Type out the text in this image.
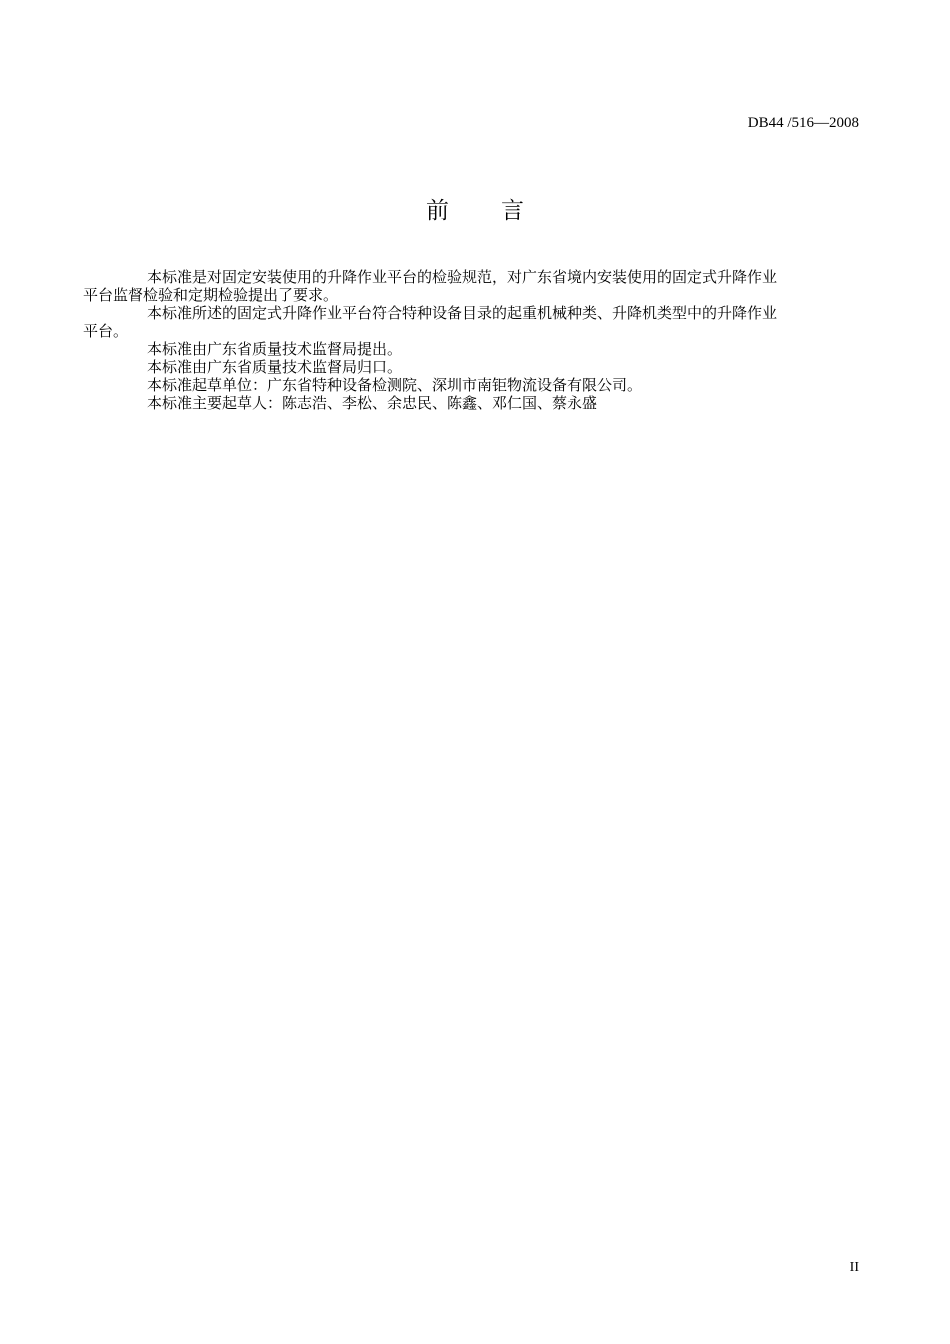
DB44 /516—2008
前 言

本标准是对固定安装使用的升降作业平台的检验规范，对广东省境内安装使用的固定式升降作业
平台监督检验和定期检验提出了要求。

本标准所述的固定式升降作业平台符合特种设备目录的起重机械种类、升降机类型中的升降作业
平台。

本标准由广东省质量技术监督局提出。

本标准由广东省质量技术监督局归口。

本标准起草单位：广东省特种设备检测院、深圳市南钜物流设备有限公司。

本标准主要起草人：陈志浩、李松、余忠民、陈鑫、邓仁国、蔡永盛

II
